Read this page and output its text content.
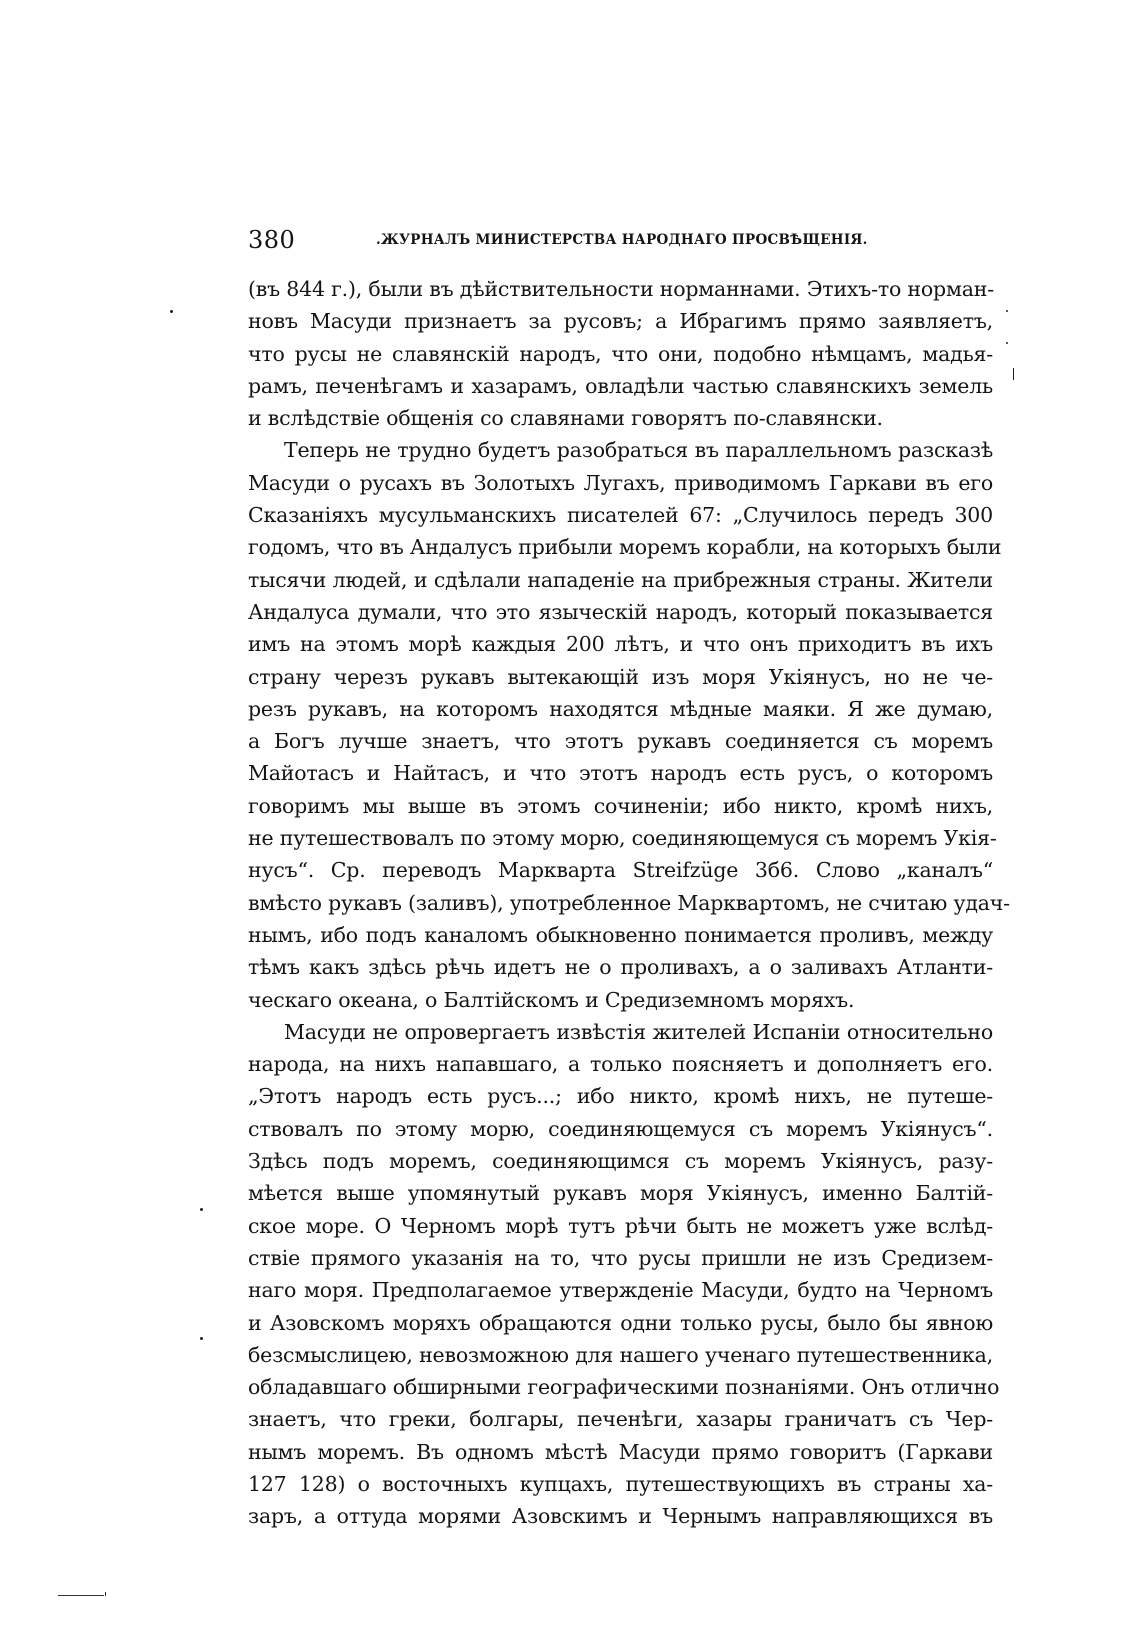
380	.ЖУРНАЛЪ МИНИСТЕРСТВА НАРОДНАГО ПРОСВѢЩЕНІЯ.
(въ 844 г.), были въ дѣйствительности норманнами. Этихъ-то норман-
новъ Масуди признаетъ за русовъ; а Ибрагимъ прямо заявляетъ,
что русы не славянскій народъ, что они, подобно нѣмцамъ, мадья-
рамъ, печенѣгамъ и хазарамъ, овладѣли частью славянскихъ земель
и вслѣдствіе общенія со славянами говорятъ по-славянски.
Теперь не трудно будетъ разобраться въ параллельномъ разсказѣ
Масуди о русахъ въ Золотыхъ Лугахъ, приводимомъ Гаркави въ его
Сказаніяхъ мусульманскихъ писателей 67: „Случилось передъ 300
годомъ, что въ Андалусъ прибыли моремъ корабли, на которыхъ были
тысячи людей, и сдѣлали нападеніе на прибрежныя страны. Жители
Андалуса думали, что это языческій народъ, который показывается
имъ на этомъ морѣ каждыя 200 лѣтъ, и что онъ приходитъ въ ихъ
страну черезъ рукавъ вытекающій изъ моря Укіянусъ, но не че-
резъ рукавъ, на которомъ находятся мѣдные маяки. Я же думаю,
а Богъ лучше знаетъ, что этотъ рукавъ соединяется съ моремъ
Майотасъ и Найтасъ, и что этотъ народъ есть русъ, о которомъ
говоримъ мы выше въ этомъ сочиненіи; ибо никто, кромѣ нихъ,
не путешествовалъ по этому морю, соединяющемуся съ моремъ Укія-
нусъ“. Ср. переводъ Маркварта Streifzüge 3б6. Слово „каналъ“
вмѣсто рукавъ (заливъ), употребленное Марквартомъ, не считаю удач-
нымъ, ибо подъ каналомъ обыкновенно понимается проливъ, между
тѣмъ какъ здѣсь рѣчь идетъ не о проливахъ, а о заливахъ Атланти-
ческаго океана, о Балтійскомъ и Средиземномъ моряхъ.
Масуди не опровергаетъ извѣстія жителей Испаніи относительно
народа, на нихъ напавшаго, а только поясняетъ и дополняетъ его.
„Этотъ народъ есть русъ...; ибо никто, кромѣ нихъ, не путеше-
ствовалъ по этому морю, соединяющемуся съ моремъ Укіянусъ“.
Здѣсь подъ моремъ, соединяющимся съ моремъ Укіянусъ, разу-
мѣется выше упомянутый рукавъ моря Укіянусъ, именно Балтій-
ское море. О Черномъ морѣ тутъ рѣчи быть не можетъ уже вслѣд-
ствіе прямого указанія на то, что русы пришли не изъ Средизем-
наго моря. Предполагаемое утвержденіе Масуди, будто на Черномъ
и Азовскомъ моряхъ обращаются одни только русы, было бы явною
безсмыслицею, невозможною для нашего ученаго путешественника,
обладавшаго обширными географическими познаніями. Онъ отлично
знаетъ, что греки, болгары, печенѣги, хазары граничатъ съ Чер-
нымъ моремъ. Въ одномъ мѣстѣ Масуди прямо говоритъ (Гаркави
127 128) о восточныхъ купцахъ, путешествующихъ въ страны ха-
заръ, а оттуда морями Азовскимъ и Чернымъ направляющихся въ
